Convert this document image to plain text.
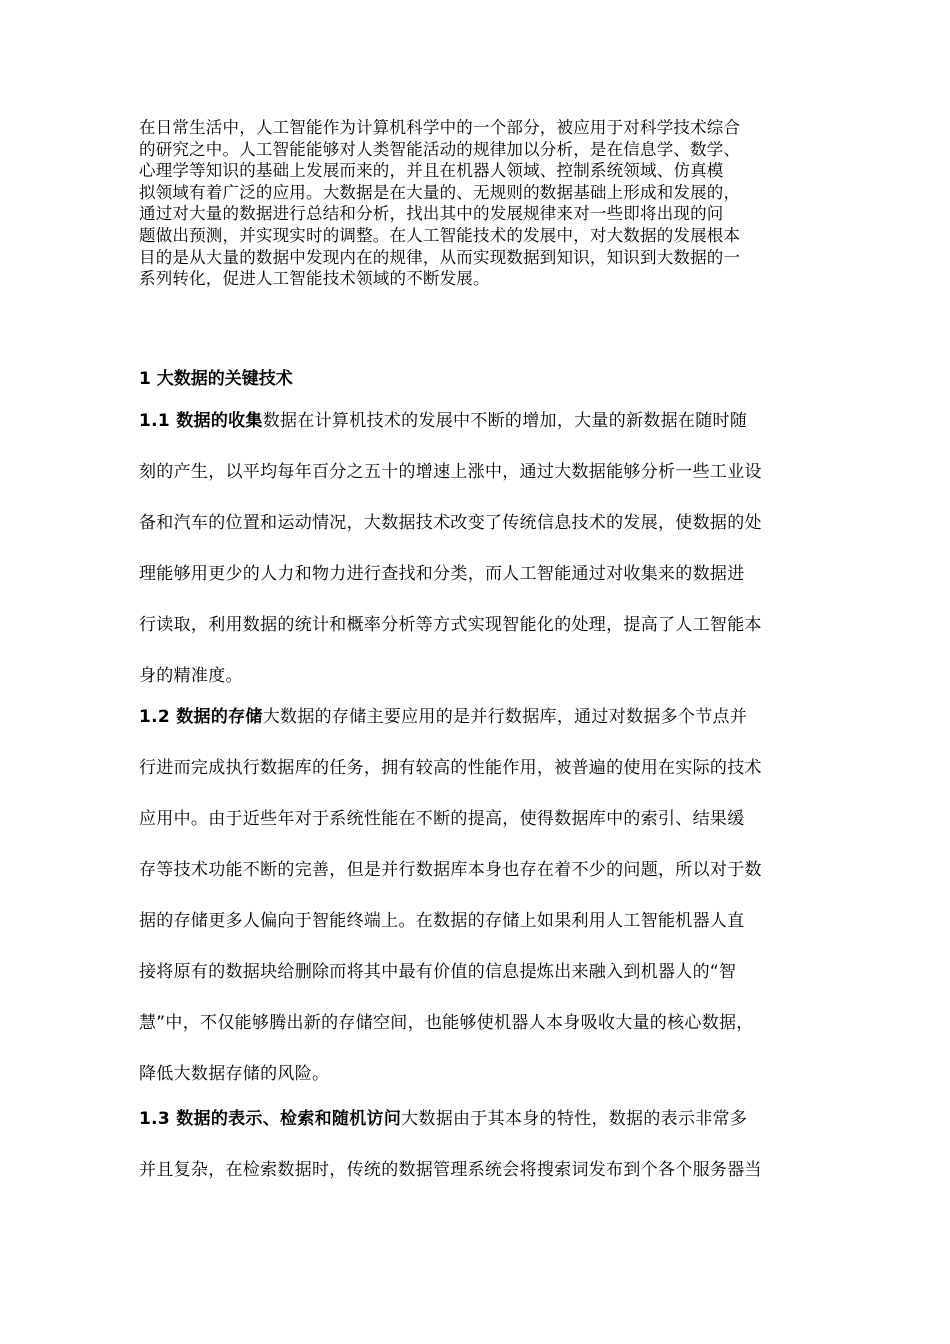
在日常生活中，人工智能作为计算机科学中的一个部分，被应用于对科学技术综合
的研究之中。人工智能能够对人类智能活动的规律加以分析，是在信息学、数学、
心理学等知识的基础上发展而来的，并且在机器人领域、控制系统领域、仿真模
拟领域有着广泛的应用。大数据是在大量的、无规则的数据基础上形成和发展的，
通过对大量的数据进行总结和分析，找出其中的发展规律来对一些即将出现的问
题做出预测，并实现实时的调整。在人工智能技术的发展中，对大数据的发展根本
目的是从大量的数据中发现内在的规律，从而实现数据到知识，知识到大数据的一
系列转化，促进人工智能技术领域的不断发展。
1 大数据的关键技术
1.1 数据的收集数据在计算机技术的发展中不断的增加，大量的新数据在随时随
刻的产生，以平均每年百分之五十的增速上涨中，通过大数据能够分析一些工业设
备和汽车的位置和运动情况，大数据技术改变了传统信息技术的发展，使数据的处
理能够用更少的人力和物力进行查找和分类，而人工智能通过对收集来的数据进
行读取，利用数据的统计和概率分析等方式实现智能化的处理，提高了人工智能本
身的精准度。
1.2 数据的存储大数据的存储主要应用的是并行数据库，通过对数据多个节点并
行进而完成执行数据库的任务，拥有较高的性能作用，被普遍的使用在实际的技术
应用中。由于近些年对于系统性能在不断的提高，使得数据库中的索引、结果缓
存等技术功能不断的完善，但是并行数据库本身也存在着不少的问题，所以对于数
据的存储更多人偏向于智能终端上。在数据的存储上如果利用人工智能机器人直
接将原有的数据块给删除而将其中最有价值的信息提炼出来融入到机器人的“智
慧”中，不仅能够腾出新的存储空间，也能够使机器人本身吸收大量的核心数据，
降低大数据存储的风险。
1.3 数据的表示、检索和随机访问大数据由于其本身的特性，数据的表示非常多
并且复杂，在检索数据时，传统的数据管理系统会将搜索词发布到个各个服务器当
